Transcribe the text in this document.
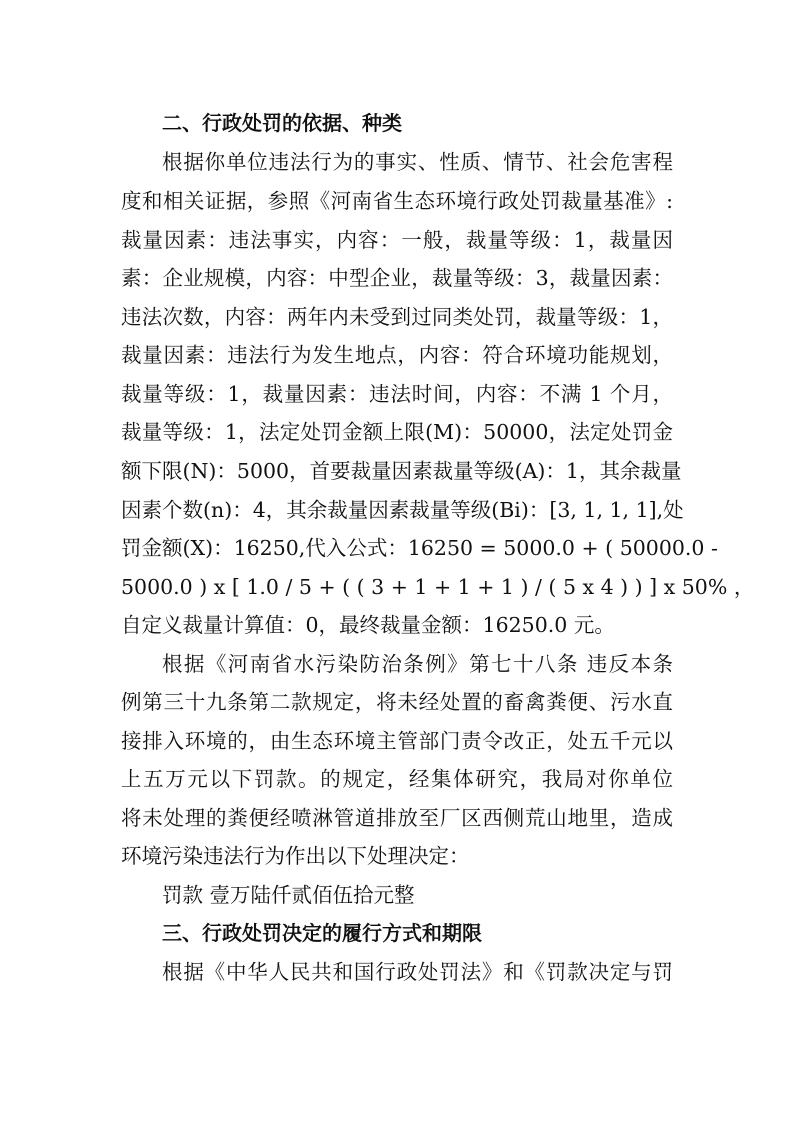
二、行政处罚的依据、种类
根据你单位违法行为的事实、性质、情节、社会危害程
度和相关证据，参照《河南省生态环境行政处罚裁量基准》:
裁量因素：违法事实，内容：一般，裁量等级：1，裁量因
素：企业规模，内容：中型企业，裁量等级：3，裁量因素：
违法次数，内容：两年内未受到过同类处罚，裁量等级：1，
裁量因素：违法行为发生地点，内容：符合环境功能规划，
裁量等级：1，裁量因素：违法时间，内容：不满 1 个月，
裁量等级：1，法定处罚金额上限(M)：50000，法定处罚金
额下限(N)：5000，首要裁量因素裁量等级(A)：1，其余裁量
因素个数(n)：4，其余裁量因素裁量等级(Bi)：[3, 1, 1, 1],处
罚金额(X)：16250,代入公式：16250 = 5000.0 + ( 50000.0 -
5000.0 ) x [ 1.0 / 5 + ( ( 3 + 1 + 1 + 1 ) / ( 5 x 4 ) ) ] x 50% ，
自定义裁量计算值：0，最终裁量金额：16250.0 元。
根据《河南省水污染防治条例》第七十八条 违反本条
例第三十九条第二款规定，将未经处置的畜禽粪便、污水直
接排入环境的，由生态环境主管部门责令改正，处五千元以
上五万元以下罚款。的规定，经集体研究，我局对你单位
将未处理的粪便经喷淋管道排放至厂区西侧荒山地里，造成
环境污染违法行为作出以下处理决定：
罚款 壹万陆仟贰佰伍拾元整
三、行政处罚决定的履行方式和期限
根据《中华人民共和国行政处罚法》和《罚款决定与罚
